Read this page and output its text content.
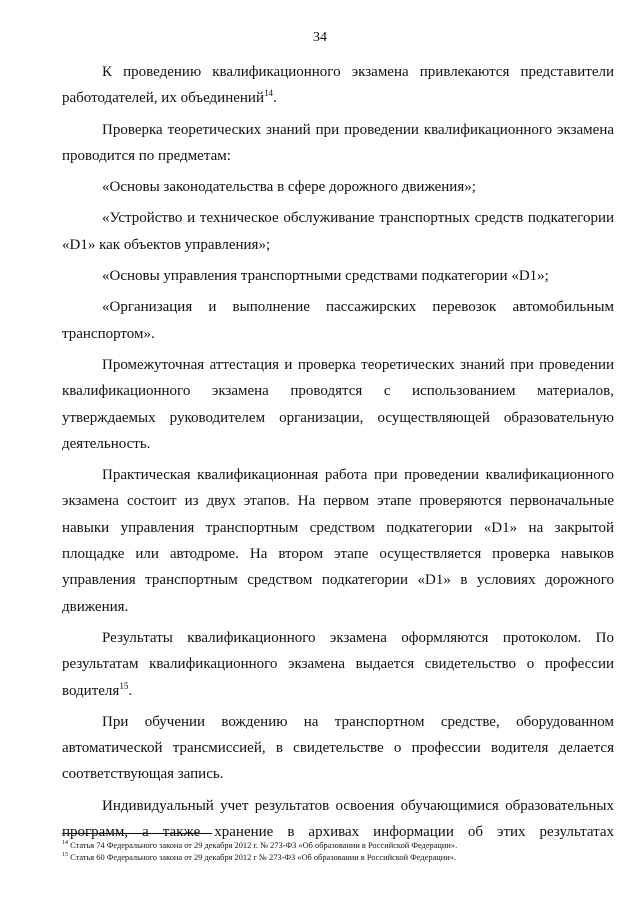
34

К проведению квалификационного экзамена привлекаются представители работодателей, их объединений$^{14}$.

Проверка теоретических знаний при проведении квалификационного экзамена проводится по предметам:

«Основы законодательства в сфере дорожного движения»;

«Устройство и техническое обслуживание транспортных средств подкатегории «D1» как объектов управления»;

«Основы управления транспортными средствами подкатегории «D1»;

«Организация и выполнение пассажирских перевозок автомобильным транспортом».

Промежуточная аттестация и проверка теоретических знаний при проведении квалификационного экзамена проводятся с использованием материалов, утверждаемых руководителем организации, осуществляющей образовательную деятельность.

Практическая квалификационная работа при проведении квалификационного экзамена состоит из двух этапов. На первом этапе проверяются первоначальные навыки управления транспортным средством подкатегории «D1» на закрытой площадке или автодроме. На втором этапе осуществляется проверка навыков управления транспортным средством подкатегории «D1» в условиях дорожного движения.

Результаты квалификационного экзамена оформляются протоколом. По результатам квалификационного экзамена выдается свидетельство о профессии водителя$^{15}$.

При обучении вождению на транспортном средстве, оборудованном автоматической трансмиссией, в свидетельстве о профессии водителя делается соответствующая запись.

Индивидуальный учет результатов освоения обучающимися образовательных программ, а также хранение в архивах информации об этих результатах

$^{14}$ Статья 74 Федерального закона от 29 декабря 2012 г. № 273-ФЗ «Об образовании в Российской Федерации».
$^{15}$ Статья 60 Федерального закона от 29 декабря 2012 г № 273-ФЗ «Об образовании в Российской Федерации».
